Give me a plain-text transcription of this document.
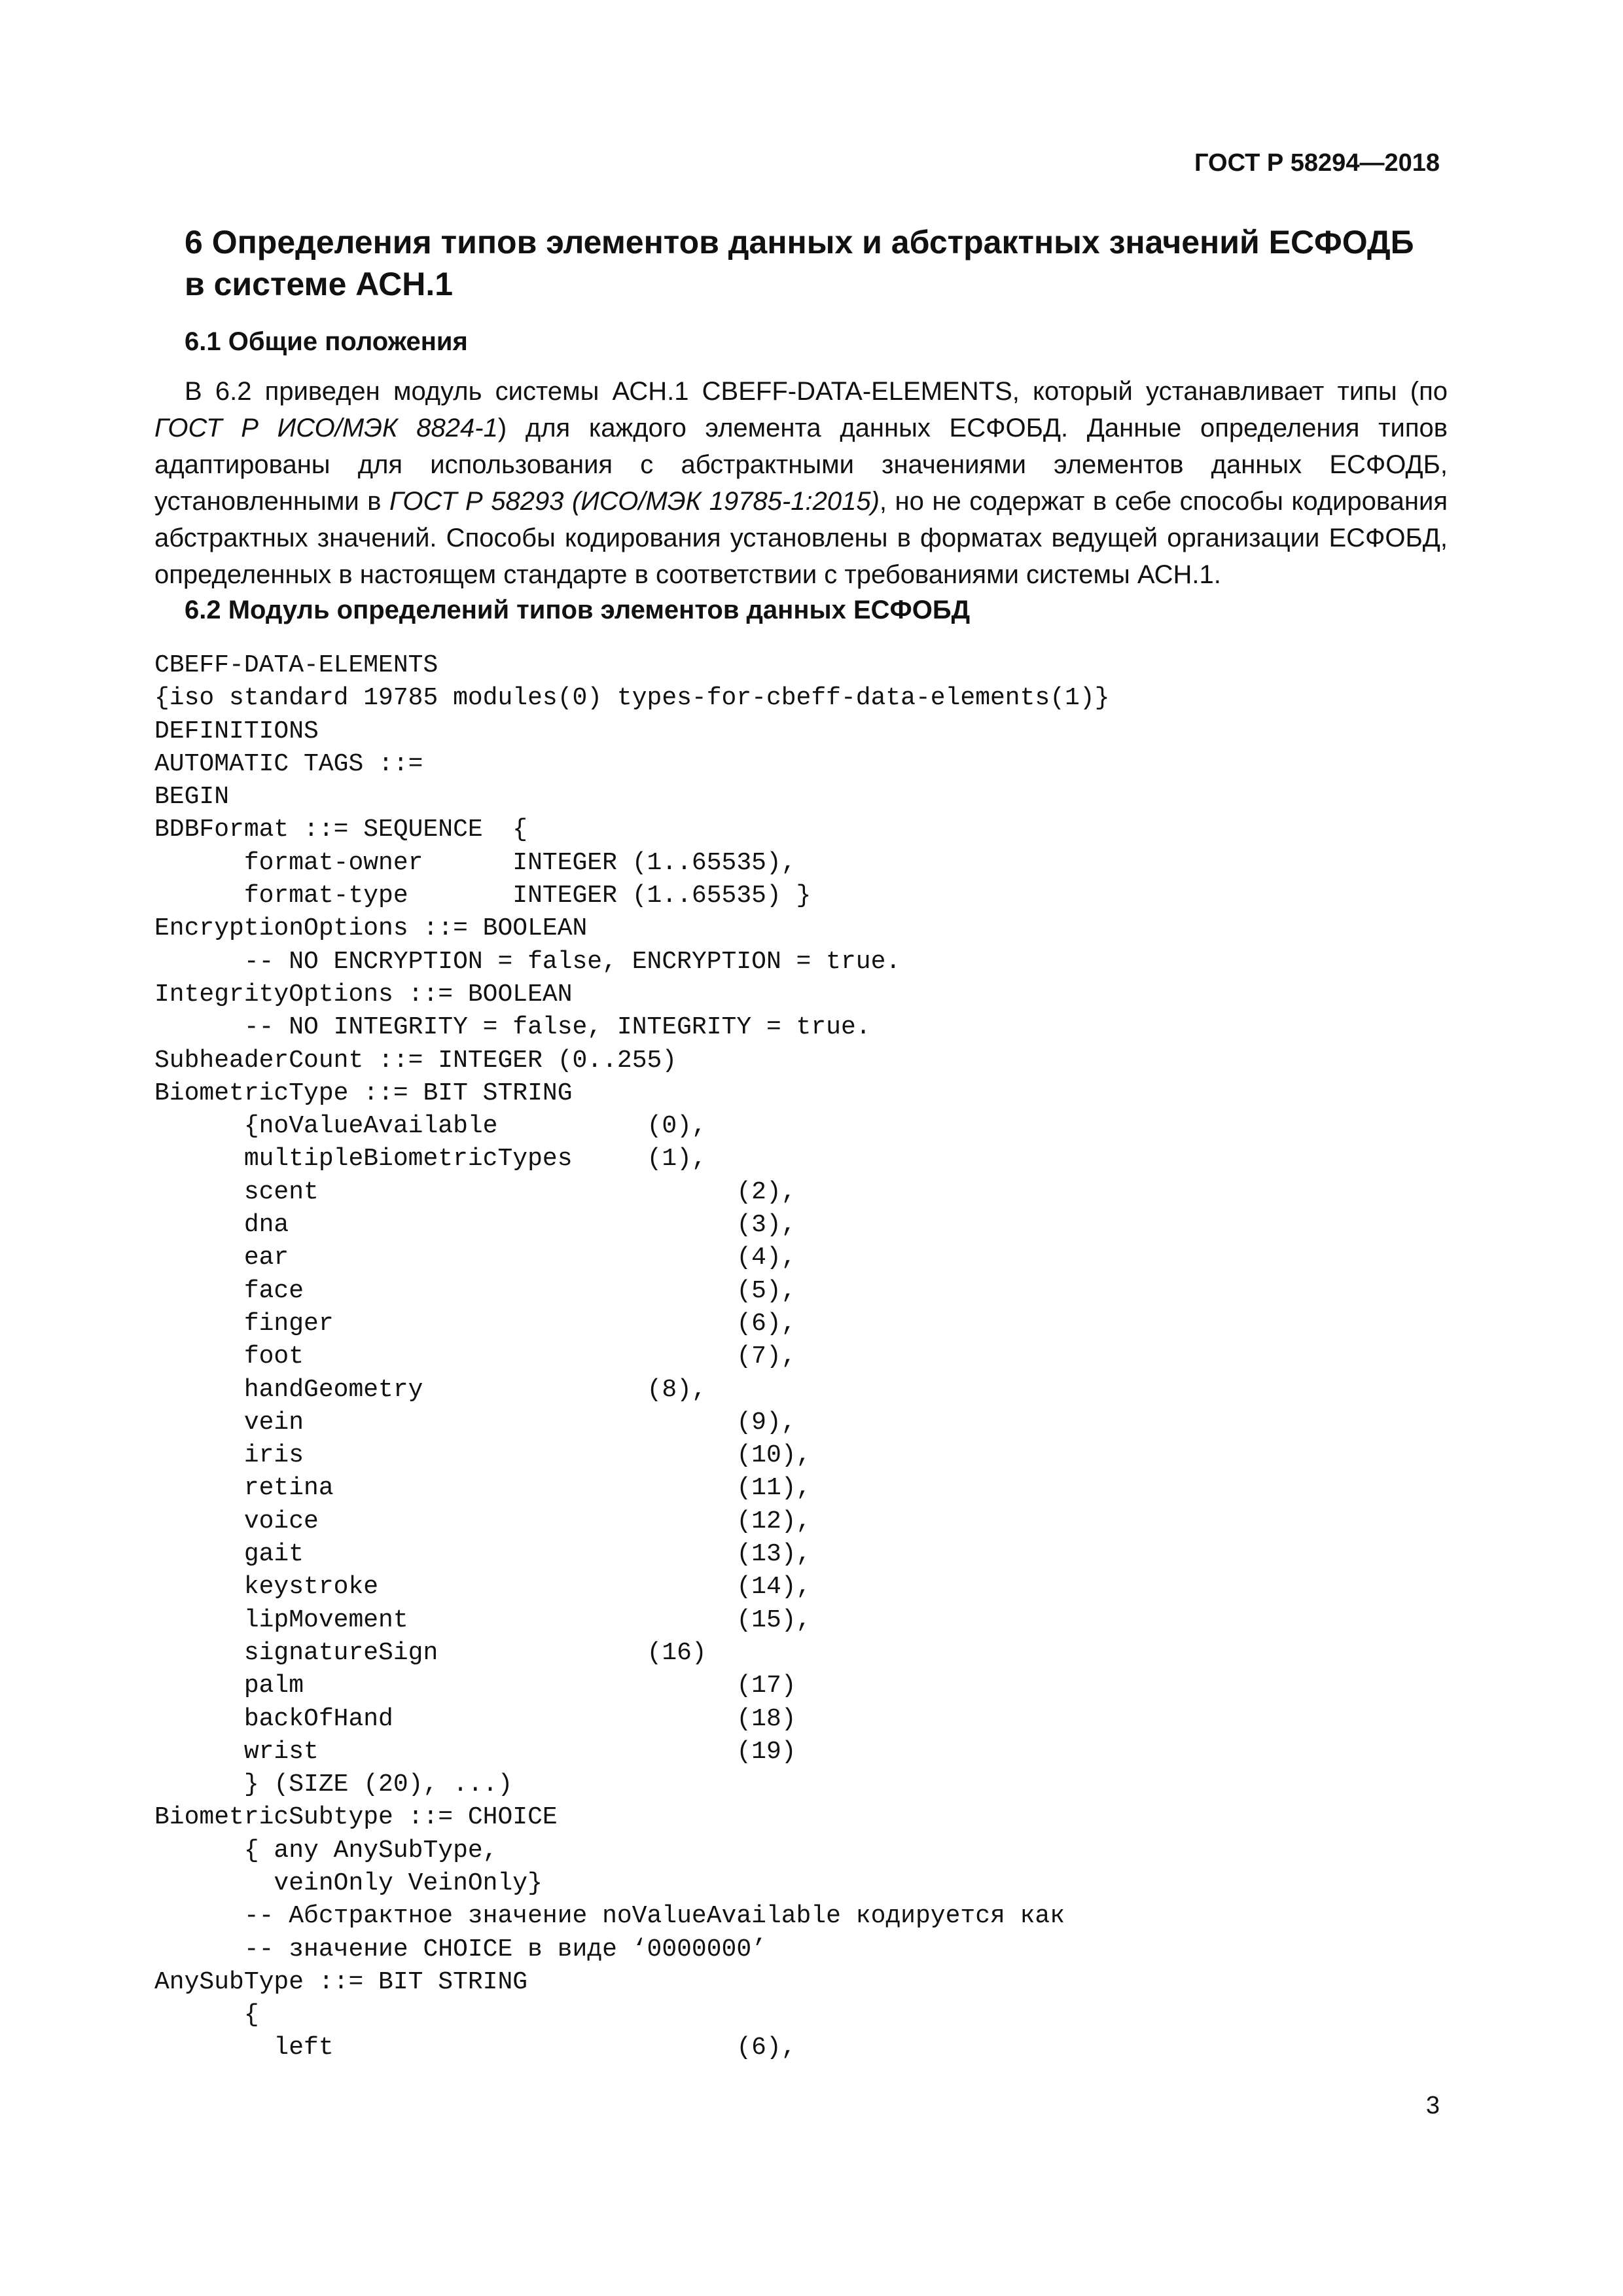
ГОСТ Р 58294—2018
6 Определения типов элементов данных и абстрактных значений ЕСФОДБ
в системе АСН.1
6.1 Общие положения

В 6.2 приведен модуль системы АСН.1 CBEFF-DATA-ELEMENTS, который устанавливает типы (по ГОСТ Р ИСО/МЭК 8824-1) для каждого элемента данных ЕСФОБД. Данные определения типов адаптированы для использования с абстрактными значениями элементов данных ЕСФОДБ, установленными в ГОСТ Р 58293 (ИСО/МЭК 19785-1:2015), но не содержат в себе способы кодирования абстрактных значений. Способы кодирования установлены в форматах ведущей организации ЕСФОБД, определенных в настоящем стандарте в соответствии с требованиями системы АСН.1.

6.2 Модуль определений типов элементов данных ЕСФОБД
CBEFF-DATA-ELEMENTS
{iso standard 19785 modules(0) types-for-cbeff-data-elements(1)}
DEFINITIONS
AUTOMATIC TAGS ::=
BEGIN
BDBFormat ::= SEQUENCE  {
format-owner      INTEGER (1..65535),
format-type       INTEGER (1..65535) }
EncryptionOptions ::= BOOLEAN
-- NO ENCRYPTION = false, ENCRYPTION = true.
IntegrityOptions ::= BOOLEAN
-- NO INTEGRITY = false, INTEGRITY = true.
SubheaderCount ::= INTEGER (0..255)
BiometricType ::= BIT STRING
{noValueAvailable          (0),
multipleBiometricTypes     (1),
scent                            (2),
dna                              (3),
ear                              (4),
face                             (5),
finger                           (6),
foot                             (7),
handGeometry               (8),
vein                             (9),
iris                             (10),
retina                           (11),
voice                            (12),
gait                             (13),
keystroke                        (14),
lipMovement                      (15),
signatureSign              (16)
palm                             (17)
backOfHand                       (18)
wrist                            (19)
} (SIZE (20), ...)
BiometricSubtype ::= CHOICE
{ any AnySubType,
veinOnly VeinOnly}
-- Абстрактное значение noValueAvailable кодируется как
-- значение CHOICE в виде ‘0000000’
AnySubType ::= BIT STRING
{
left                           (6),
3
